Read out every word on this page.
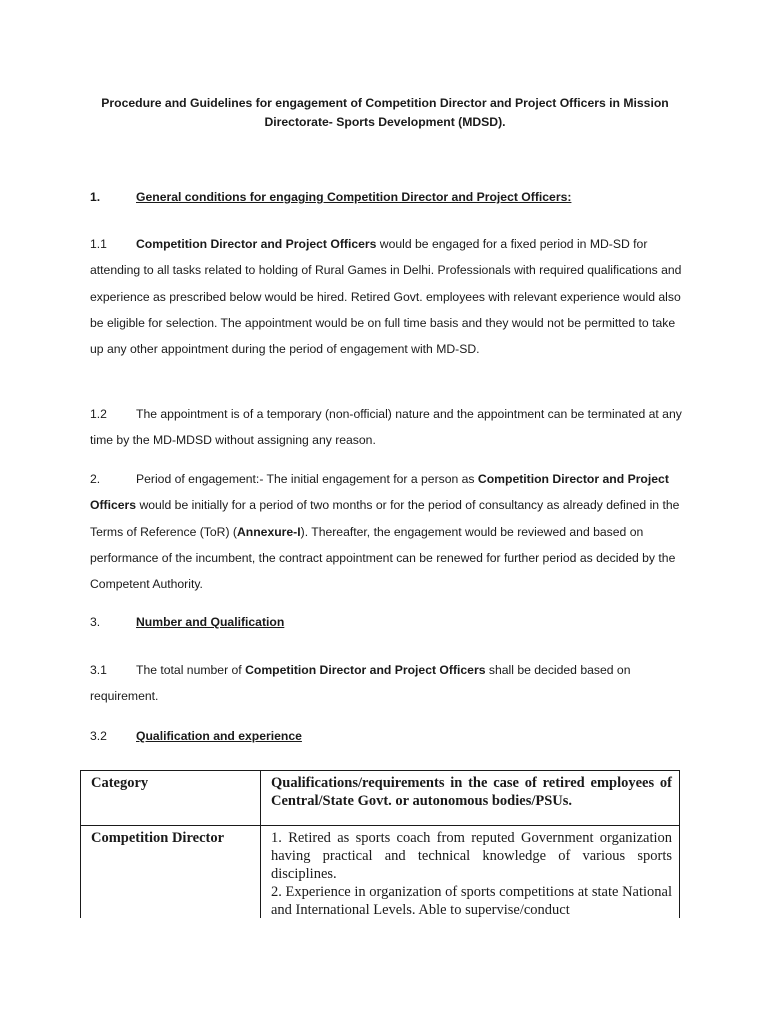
Procedure and Guidelines for engagement of Competition Director and Project Officers in Mission
Directorate- Sports Development (MDSD).
1.	General conditions for engaging Competition Director and Project Officers:
1.1 Competition Director and Project Officers would be engaged for a fixed period in MD-SD for attending to all tasks related to holding of Rural Games in Delhi. Professionals with required qualifications and experience as prescribed below would be hired. Retired Govt. employees with relevant experience would also be eligible for selection. The appointment would be on full time basis and they would not be permitted to take up any other appointment during the period of engagement with MD-SD.
1.2 The appointment is of a temporary (non-official) nature and the appointment can be terminated at any time by the MD-MDSD without assigning any reason.
2.	Period of engagement:- The initial engagement for a person as Competition Director and Project Officers would be initially for a period of two months or for the period of consultancy as already defined in the Terms of Reference (ToR) (Annexure-I). Thereafter, the engagement would be reviewed and based on performance of the incumbent, the contract appointment can be renewed for further period as decided by the Competent Authority.
3.	Number and Qualification
3.1 The total number of Competition Director and Project Officers shall be decided based on requirement.
3.2 Qualification and experience
Category	Qualifications/requirements in the case of retired employees of Central/State Govt. or autonomous bodies/PSUs.
Competition Director	1. Retired as sports coach from reputed Government organization having practical and technical knowledge of various sports disciplines.
2. Experience in organization of sports competitions at state National and International Levels. Able to supervise/conduct
